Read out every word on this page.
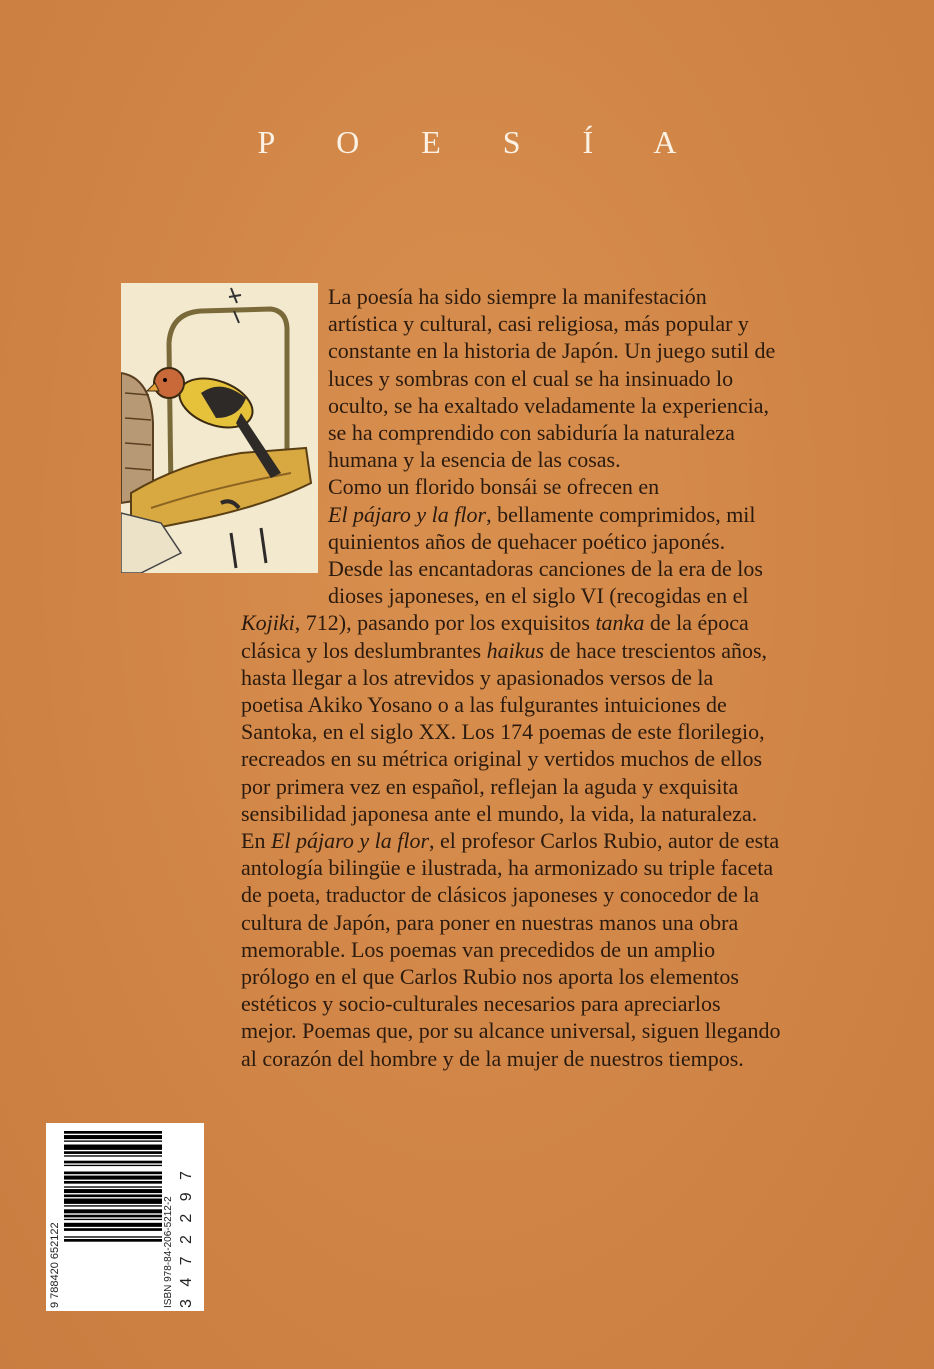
P O E S Í A

La poesía ha sido siempre la manifestación artística y cultural, casi religiosa, más popular y constante en la historia de Japón. Un juego sutil de luces y sombras con el cual se ha insinuado lo oculto, se ha exaltado veladamente la experiencia, se ha comprendido con sabiduría la naturaleza humana y la esencia de las cosas.

Como un florido bonsái se ofrecen en
El pájaro y la flor, bellamente comprimidos, mil quinientos años de quehacer poético japonés. Desde las encantadoras canciones de la era de los dioses japoneses, en el siglo VI (recogidas en elKojiki, 712), pasando por los exquisitos tanka de la época clásica y los deslumbrantes haikus de hace trescientos años, hasta llegar a los atrevidos y apasionados versos de la poetisa Akiko Yosano o a las fulgurantes intuiciones de Santoka, en el siglo XX. Los 174 poemas de este florilegio, recreados en su métrica original y vertidos muchos de ellos por primera vez en español, reflejan la aguda y exquisita sensibilidad japonesa ante el mundo, la vida, la naturaleza.

En El pájaro y la flor, el profesor Carlos Rubio, autor de esta antología bilingüe e ilustrada, ha armonizado su triple faceta de poeta, traductor de clásicos japoneses y conocedor de la cultura de Japón, para poner en nuestras manos una obra memorable. Los poemas van precedidos de un amplio prólogo en el que Carlos Rubio nos aporta los elementos estéticos y socio-culturales necesarios para apreciarlos mejor. Poemas que, por su alcance universal, siguen llegando al corazón del hombre y de la mujer de nuestros tiempos.

ISBN 978-84-206-5212-2 3 4 7 2 2 9 7
9 788420 652122
